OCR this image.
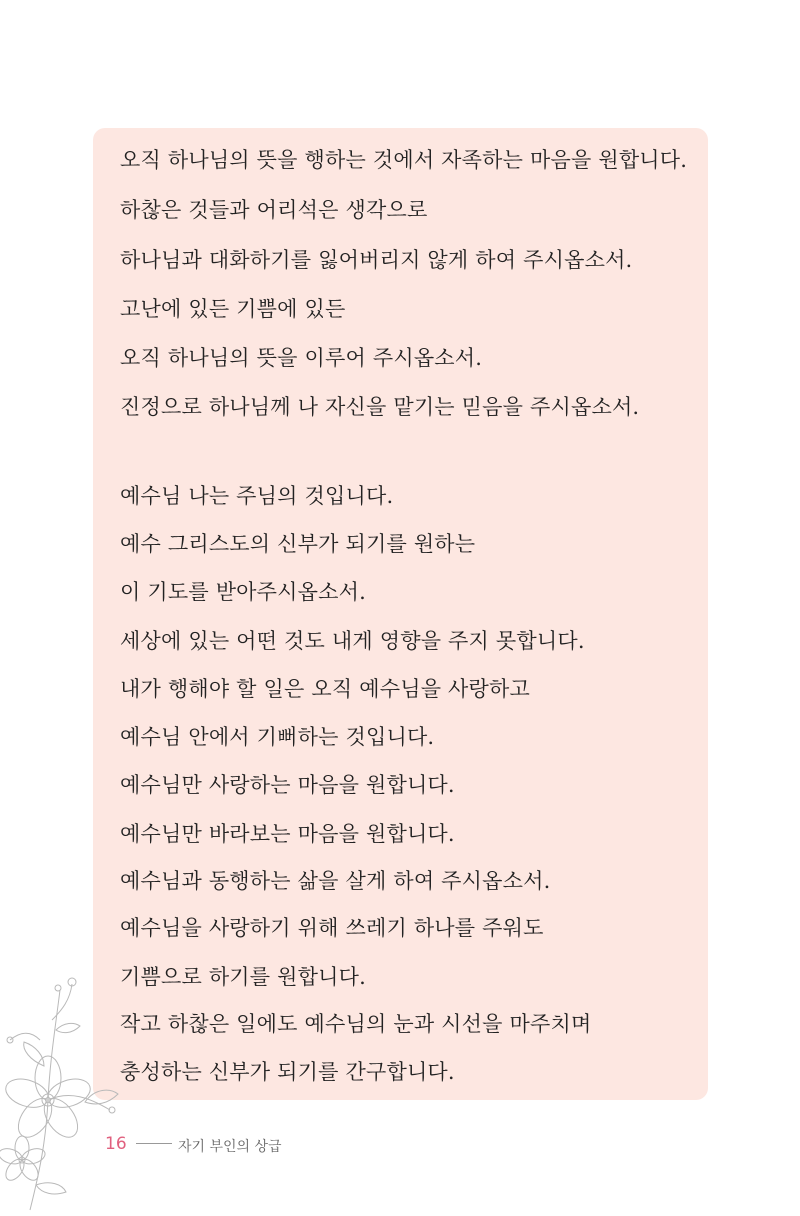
오직 하나님의 뜻을 행하는 것에서 자족하는 마음을 원합니다.
하찮은 것들과 어리석은 생각으로
하나님과 대화하기를 잃어버리지 않게 하여 주시옵소서.
고난에 있든 기쁨에 있든
오직 하나님의 뜻을 이루어 주시옵소서.
진정으로 하나님께 나 자신을 맡기는 믿음을 주시옵소서.
예수님 나는 주님의 것입니다.
예수 그리스도의 신부가 되기를 원하는
이 기도를 받아주시옵소서.
세상에 있는 어떤 것도 내게 영향을 주지 못합니다.
내가 행해야 할 일은 오직 예수님을 사랑하고
예수님 안에서 기뻐하는 것입니다.
예수님만 사랑하는 마음을 원합니다.
예수님만 바라보는 마음을 원합니다.
예수님과 동행하는 삶을 살게 하여 주시옵소서.
예수님을 사랑하기 위해 쓰레기 하나를 주워도
기쁨으로 하기를 원합니다.
작고 하찮은 일에도 예수님의 눈과 시선을 마주치며
충성하는 신부가 되기를 간구합니다.
16	자기 부인의 상급
